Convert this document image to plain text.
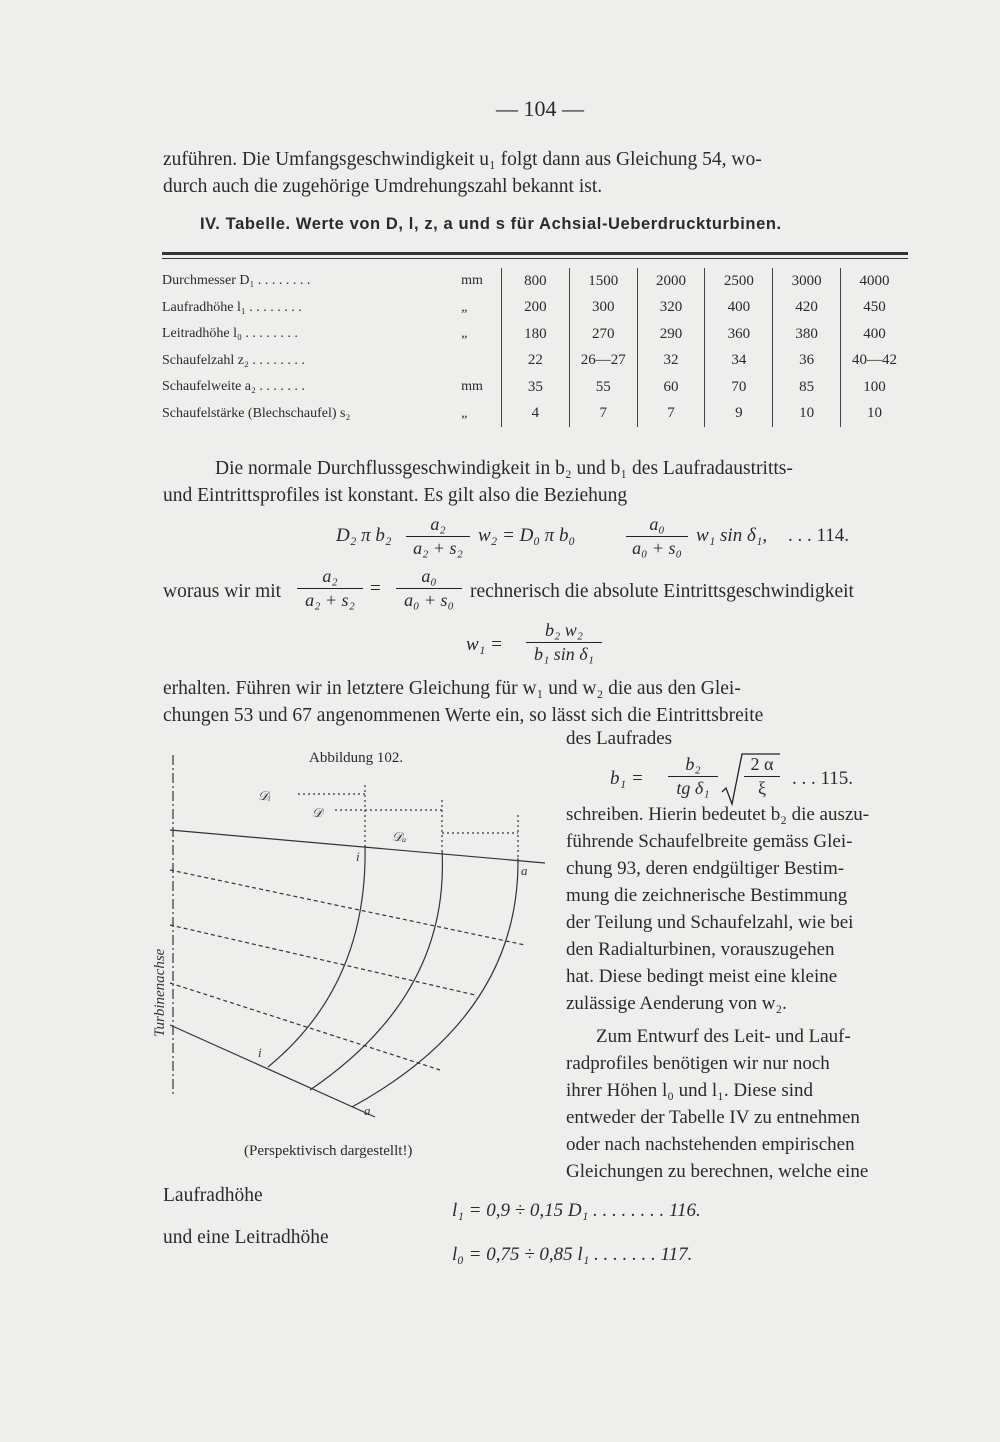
— 104 —
zuführen. Die Umfangsgeschwindigkeit u₁ folgt dann aus Gleichung 54, wo-
durch auch die zugehörige Umdrehungszahl bekannt ist.
IV. Tabelle. Werte von D, l, z, a und s für Achsial-Ueberdruckturbinen.
Durchmesser D₁ . . . . . . . .	mm	800	1500	2000	2500	3000	4000
Laufradhöhe l₁ . . . . . . . .	„	200	300	320	400	420	450
Leitradhöhe l₀ . . . . . . . .	„	180	270	290	360	380	400
Schaufelzahl z₂ . . . . . . . .		22	26—27	32	34	36	40—42
Schaufelweite a₂ . . . . . . .	mm	35	55	60	70	85	100
Schaufelstärke (Blechschaufel) s₂	„	4	7	7	9	10	10
Die normale Durchflussgeschwindigkeit in b₂ und b₁ des Laufradaustritts-
und Eintrittsprofiles ist konstant. Es gilt also die Beziehung
D₂ π b₂
a₂
a₂ + s₂
w₂ = D₀ π b₀
a₀
a₀ + s₀
w₁ sin δ₁, . . . 114.
woraus wir mit
a₂
a₂ + s₂
=
a₀
a₀ + s₀ rechnerisch die absolute Eintrittsgeschwindigkeit
w₁ =
b₂ w₂
b₁ sin δ₁
erhalten. Führen wir in letztere Gleichung für w₁ und w₂ die aus den Glei-
chungen 53 und 67 angenommenen Werte ein, so lässt sich die Eintrittsbreite
Abbildung 102.
𝒟ᵢ
𝒟
𝒟ₐ
i
a
i
a
Turbinenachse
(Perspektivisch dargestellt!)
des Laufrades
b₁ =
b₂
tg δ₁
2 α
ξ	. . . 115.
schreiben. Hierin bedeutet b₂ die auszu-
führende Schaufelbreite gemäss Glei-
chung 93, deren endgültiger Bestim-
mung die zeichnerische Bestimmung
der Teilung und Schaufelzahl, wie bei
den Radialturbinen, vorauszugehen
hat. Diese bedingt meist eine kleine
zulässige Aenderung von w₂.
Zum Entwurf des Leit- und Lauf-
radprofiles benötigen wir nur noch
ihrer Höhen l₀ und l₁. Diese sind
entweder der Tabelle IV zu entnehmen
oder nach nachstehenden empirischen
Gleichungen zu berechnen, welche eine
Laufradhöhe
l₁ = 0,9 ÷ 0,15 D₁ . . . . . . . . 116.
und eine Leitradhöhe
l₀ = 0,75 ÷ 0,85 l₁ . . . . . . . 117.
